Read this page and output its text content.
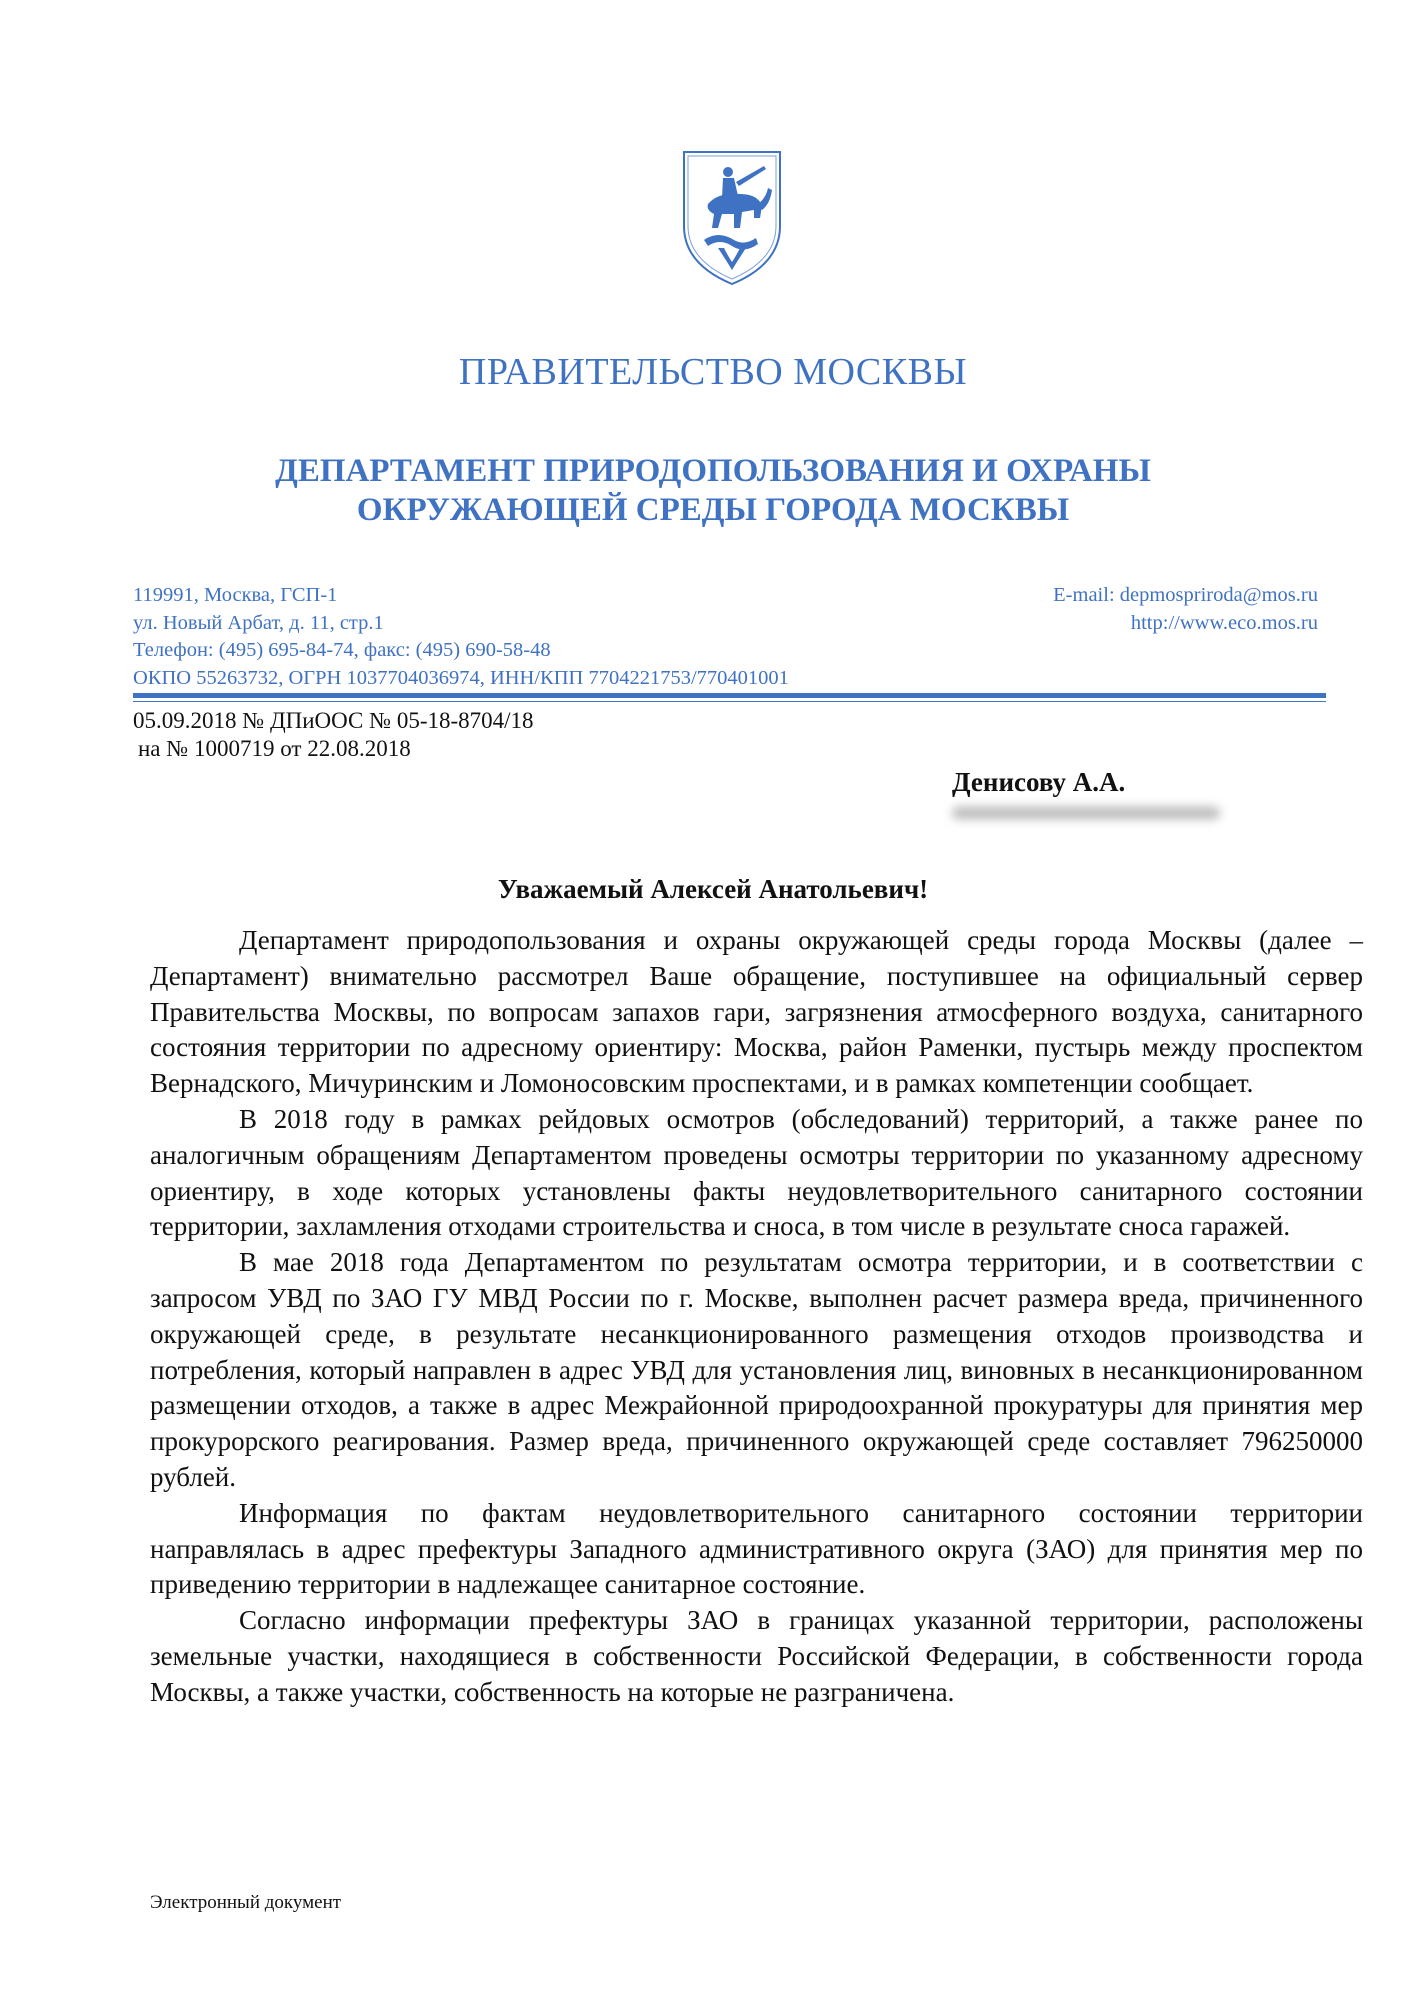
ПРАВИТЕЛЬСТВО МОСКВЫ
ДЕПАРТАМЕНТ ПРИРОДОПОЛЬЗОВАНИЯ И ОХРАНЫ
ОКРУЖАЮЩЕЙ СРЕДЫ ГОРОДА МОСКВЫ
119991, Москва, ГСП-1
ул. Новый Арбат, д. 11, стр.1
Телефон: (495) 695-84-74, факс: (495) 690-58-48
ОКПО 55263732, ОГРН 1037704036974, ИНН/КПП 7704221753/770401001
E-mail: depmospriroda@mos.ru
http://www.eco.mos.ru
05.09.2018 № ДПиООС № 05-18-8704/18
на № 1000719 от 22.08.2018
Денисову А.А.
Уважаемый Алексей Анатольевич!

Департамент природопользования и охраны окружающей среды города Москвы (далее – Департамент) внимательно рассмотрел Ваше обращение, поступившее на официальный сервер Правительства Москвы, по вопросам запахов гари, загрязнения атмосферного воздуха, санитарного состояния территории по адресному ориентиру: Москва, район Раменки, пустырь между проспектом Вернадского, Мичуринским и Ломоносовским проспектами, и в рамках компетенции сообщает.

В 2018 году в рамках рейдовых осмотров (обследований) территорий, а также ранее по аналогичным обращениям Департаментом проведены осмотры территории по указанному адресному ориентиру, в ходе которых установлены факты неудовлетворительного санитарного состоянии территории, захламления отходами строительства и сноса, в том числе в результате сноса гаражей.

В мае 2018 года Департаментом по результатам осмотра территории, и в соответствии с запросом УВД по ЗАО ГУ МВД России по г. Москве, выполнен расчет размера вреда, причиненного окружающей среде, в результате несанкционированного размещения отходов производства и потребления, который направлен в адрес УВД для установления лиц, виновных в несанкционированном размещении отходов, а также в адрес Межрайонной природоохранной прокуратуры для принятия мер прокурорского реагирования. Размер вреда, причиненного окружающей среде составляет 796250000 рублей.

Информация по фактам неудовлетворительного санитарного состоянии территории направлялась в адрес префектуры Западного административного округа (ЗАО) для принятия мер по приведению территории в надлежащее санитарное состояние.

Согласно информации префектуры ЗАО в границах указанной территории, расположены земельные участки, находящиеся в собственности Российской Федерации, в собственности города Москвы, а также участки, собственность на которые не разграничена.

Электронный документ
